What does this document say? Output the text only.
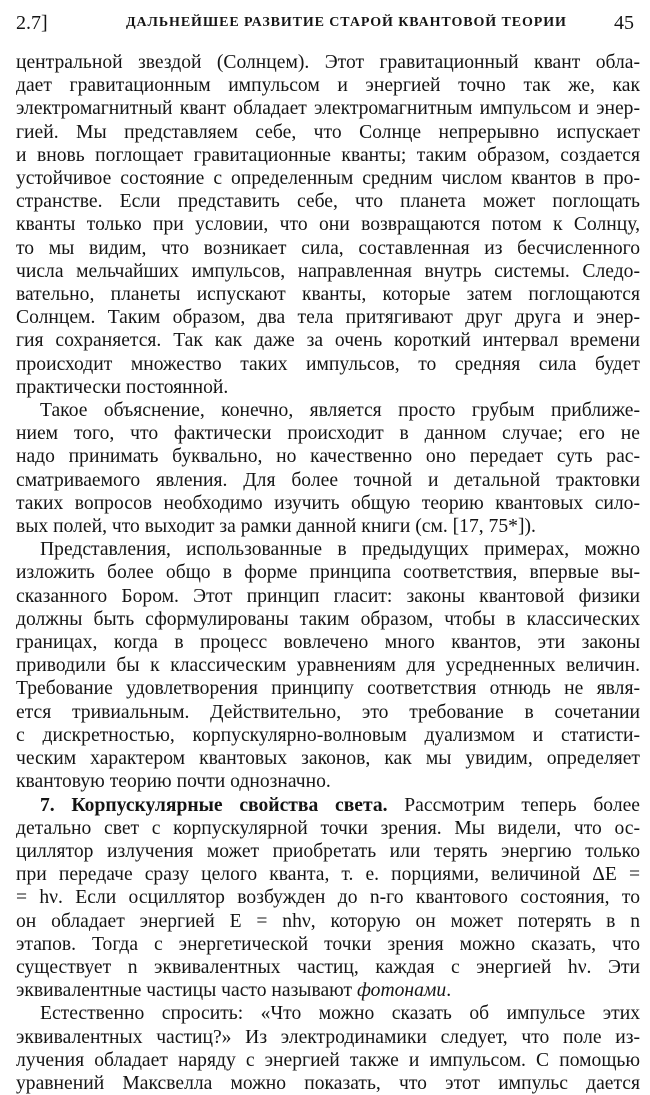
2.7]	ДАЛЬНЕЙШЕЕ РАЗВИТИЕ СТАРОЙ КВАНТОВОЙ ТЕОРИИ 45
центральной звездой (Солнцем). Этот гравитационный квант обла-
дает гравитационным импульсом и энергией точно так же, как
электромагнитный квант обладает электромагнитным импульсом и энер-
гией. Мы представляем себе, что Солнце непрерывно испускает
и вновь поглощает гравитационные кванты; таким образом, создается
устойчивое состояние с определенным средним числом квантов в про-
странстве. Если представить себе, что планета может поглощать
кванты только при условии, что они возвращаются потом к Солнцу,
то мы видим, что возникает сила, составленная из бесчисленного
числа мельчайших импульсов, направленная внутрь системы. Следо-
вательно, планеты испускают кванты, которые затем поглощаются
Солнцем. Таким образом, два тела притягивают друг друга и энер-
гия сохраняется. Так как даже за очень короткий интервал времени
происходит множество таких импульсов, то средняя сила будет
практически постоянной.
Такое объяснение, конечно, является просто грубым приближе-
нием того, что фактически происходит в данном случае; его не
надо принимать буквально, но качественно оно передает суть рас-
сматриваемого явления. Для более точной и детальной трактовки
таких вопросов необходимо изучить общую теорию квантовых сило-
вых полей, что выходит за рамки данной книги (см. [17, 75*]).
Представления, использованные в предыдущих примерах, можно
изложить более общо в форме принципа соответствия, впервые вы-
сказанного Бором. Этот принцип гласит: законы квантовой физики
должны быть сформулированы таким образом, чтобы в классических
границах, когда в процесс вовлечено много квантов, эти законы
приводили бы к классическим уравнениям для усредненных величин.
Требование удовлетворения принципу соответствия отнюдь не явля-
ется тривиальным. Действительно, это требование в сочетании
с дискретностью, корпускулярно-волновым дуализмом и статисти-
ческим характером квантовых законов, как мы увидим, определяет
квантовую теорию почти однозначно.
7. Корпускулярные свойства света. Рассмотрим теперь более
детально свет с корпускулярной точки зрения. Мы видели, что ос-
циллятор излучения может приобретать или терять энергию только
при передаче сразу целого кванта, т. е. порциями, величиной ΔE =
= hν. Если осциллятор возбужден до n-го квантового состояния, то
он обладает энергией E = nhν, которую он может потерять в n
этапов. Тогда с энергетической точки зрения можно сказать, что
существует n эквивалентных частиц, каждая с энергией hν. Эти
эквивалентные частицы часто называют фотонами.
Естественно спросить: «Что можно сказать об импульсе этих
эквивалентных частиц?» Из электродинамики следует, что поле из-
лучения обладает наряду с энергией также и импульсом. С помощью
уравнений Максвелла можно показать, что этот импульс дается
